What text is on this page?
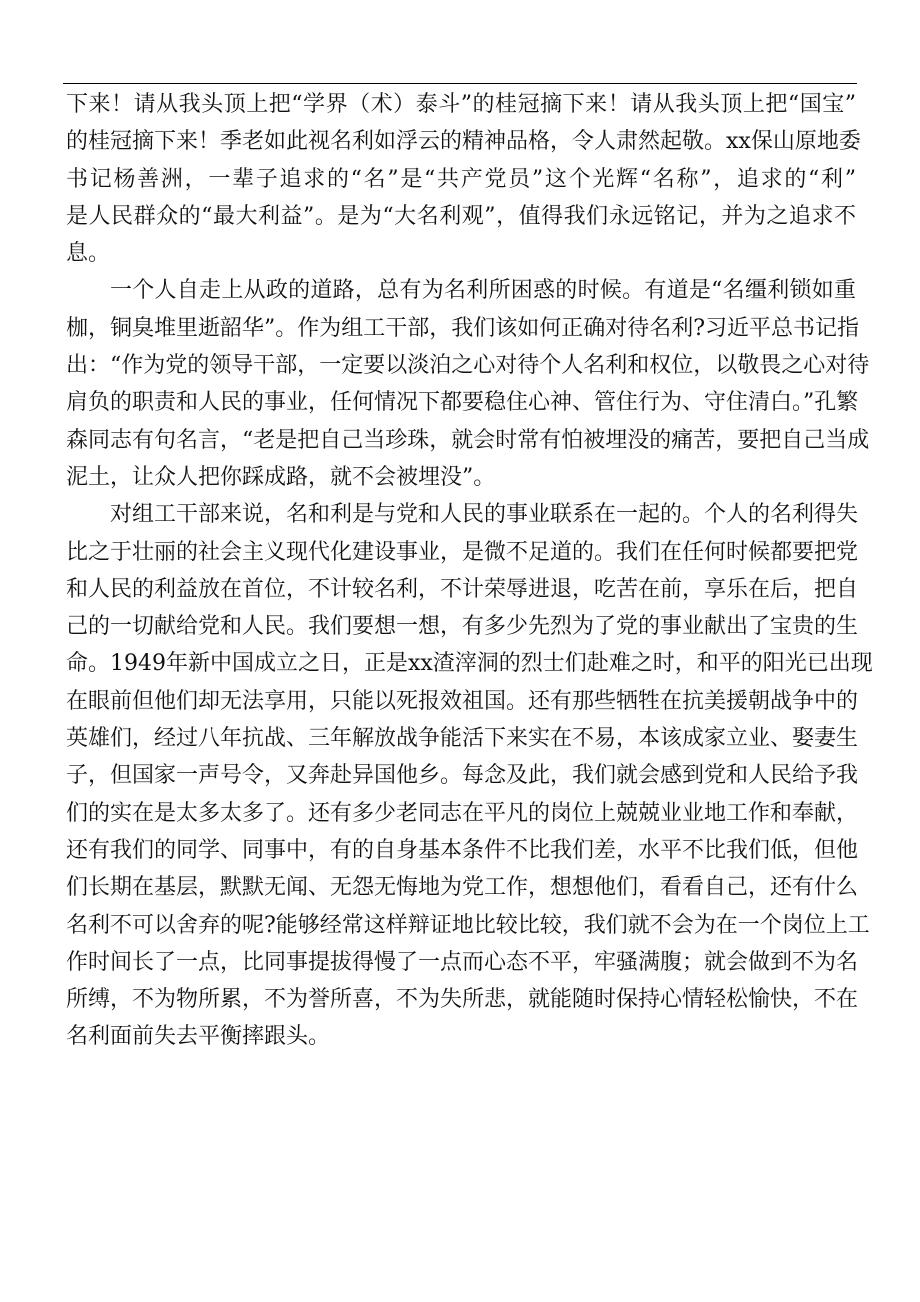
下来！请从我头顶上把“学界（术）泰斗”的桂冠摘下来！请从我头顶上把“国宝”
的桂冠摘下来！季老如此视名利如浮云的精神品格，令人肃然起敬。xx保山原地委
书记杨善洲，一辈子追求的“名”是“共产党员”这个光辉“名称”，追求的“利”
是人民群众的“最大利益”。是为“大名利观”，值得我们永远铭记，并为之追求不
息。
一个人自走上从政的道路，总有为名利所困惑的时候。有道是“名缰利锁如重
枷，铜臭堆里逝韶华”。作为组工干部，我们该如何正确对待名利?习近平总书记指
出：“作为党的领导干部，一定要以淡泊之心对待个人名利和权位，以敬畏之心对待
肩负的职责和人民的事业，任何情况下都要稳住心神、管住行为、守住清白。”孔繁
森同志有句名言，“老是把自己当珍珠，就会时常有怕被埋没的痛苦，要把自己当成
泥土，让众人把你踩成路，就不会被埋没”。
对组工干部来说，名和利是与党和人民的事业联系在一起的。个人的名利得失
比之于壮丽的社会主义现代化建设事业，是微不足道的。我们在任何时候都要把党
和人民的利益放在首位，不计较名利，不计荣辱进退，吃苦在前，享乐在后，把自
己的一切献给党和人民。我们要想一想，有多少先烈为了党的事业献出了宝贵的生
命。1949年新中国成立之日，正是xx渣滓洞的烈士们赴难之时，和平的阳光已出现
在眼前但他们却无法享用，只能以死报效祖国。还有那些牺牲在抗美援朝战争中的
英雄们，经过八年抗战、三年解放战争能活下来实在不易，本该成家立业、娶妻生
子，但国家一声号令，又奔赴异国他乡。每念及此，我们就会感到党和人民给予我
们的实在是太多太多了。还有多少老同志在平凡的岗位上兢兢业业地工作和奉献，
还有我们的同学、同事中，有的自身基本条件不比我们差，水平不比我们低，但他
们长期在基层，默默无闻、无怨无悔地为党工作，想想他们，看看自己，还有什么
名利不可以舍弃的呢?能够经常这样辩证地比较比较，我们就不会为在一个岗位上工
作时间长了一点，比同事提拔得慢了一点而心态不平，牢骚满腹；就会做到不为名
所缚，不为物所累，不为誉所喜，不为失所悲，就能随时保持心情轻松愉快，不在
名利面前失去平衡摔跟头。
